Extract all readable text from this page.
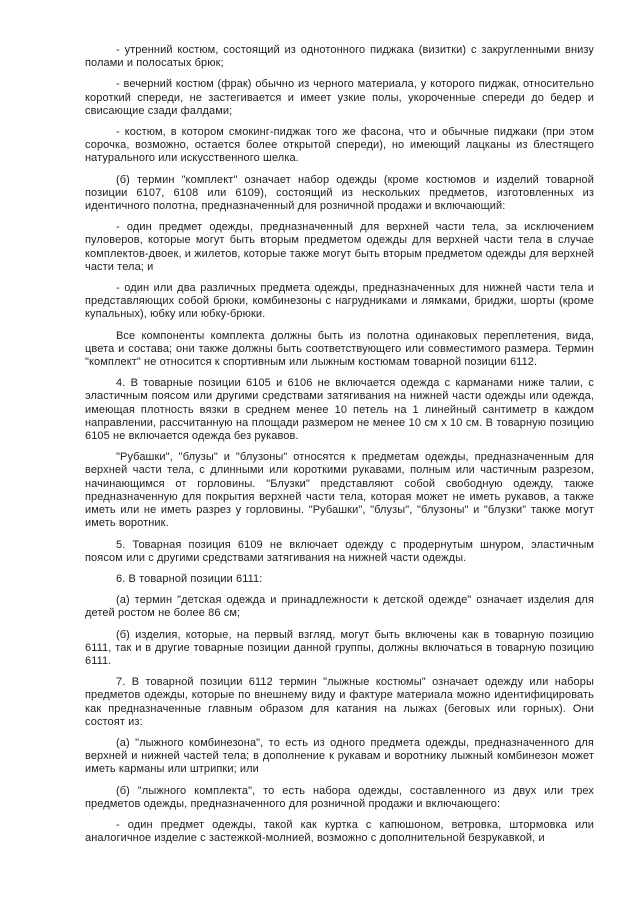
- утренний костюм, состоящий из однотонного пиджака (визитки) с закругленными внизу полами и полосатых брюк;

- вечерний костюм (фрак) обычно из черного материала, у которого пиджак, относительно короткий спереди, не застегивается и имеет узкие полы, укороченные спереди до бедер и свисающие сзади фалдами;

- костюм, в котором смокинг-пиджак того же фасона, что и обычные пиджаки (при этом сорочка, возможно, остается более открытой спереди), но имеющий лацканы из блестящего натурального или искусственного шелка.

(б) термин "комплект" означает набор одежды (кроме костюмов и изделий товарной позиции 6107, 6108 или 6109), состоящий из нескольких предметов, изготовленных из идентичного полотна, предназначенный для розничной продажи и включающий:

- один предмет одежды, предназначенный для верхней части тела, за исключением пуловеров, которые могут быть вторым предметом одежды для верхней части тела в случае комплектов-двоек, и жилетов, которые также могут быть вторым предметом одежды для верхней части тела; и

- один или два различных предмета одежды, предназначенных для нижней части тела и представляющих собой брюки, комбинезоны с нагрудниками и лямками, бриджи, шорты (кроме купальных), юбку или юбку-брюки.

Все компоненты комплекта должны быть из полотна одинаковых переплетения, вида, цвета и состава; они также должны быть соответствующего или совместимого размера. Термин "комплект" не относится к спортивным или лыжным костюмам товарной позиции 6112.

4. В товарные позиции 6105 и 6106 не включается одежда с карманами ниже талии, с эластичным поясом или другими средствами затягивания на нижней части одежды или одежда, имеющая плотность вязки в среднем менее 10 петель на 1 линейный сантиметр в каждом направлении, рассчитанную на площади размером не менее 10 см x 10 см. В товарную позицию 6105 не включается одежда без рукавов.

"Рубашки", "блузы" и "блузоны" относятся к предметам одежды, предназначенным для верхней части тела, с длинными или короткими рукавами, полным или частичным разрезом, начинающимся от горловины. "Блузки" представляют собой свободную одежду, также предназначенную для покрытия верхней части тела, которая может не иметь рукавов, а также иметь или не иметь разрез у горловины. "Рубашки", "блузы", "блузоны" и "блузки" также могут иметь воротник.

5. Товарная позиция 6109 не включает одежду с продернутым шнуром, эластичным поясом или с другими средствами затягивания на нижней части одежды.

6. В товарной позиции 6111:

(а) термин "детская одежда и принадлежности к детской одежде" означает изделия для детей ростом не более 86 см;

(б) изделия, которые, на первый взгляд, могут быть включены как в товарную позицию 6111, так и в другие товарные позиции данной группы, должны включаться в товарную позицию 6111.

7. В товарной позиции 6112 термин "лыжные костюмы" означает одежду или наборы предметов одежды, которые по внешнему виду и фактуре материала можно идентифицировать как предназначенные главным образом для катания на лыжах (беговых или горных). Они состоят из:

(а) "лыжного комбинезона", то есть из одного предмета одежды, предназначенного для верхней и нижней частей тела; в дополнение к рукавам и воротнику лыжный комбинезон может иметь карманы или штрипки; или

(б) "лыжного комплекта", то есть набора одежды, составленного из двух или трех предметов одежды, предназначенного для розничной продажи и включающего:

- один предмет одежды, такой как куртка с капюшоном, ветровка, штормовка или аналогичное изделие с застежкой-молнией, возможно с дополнительной безрукавкой, и
